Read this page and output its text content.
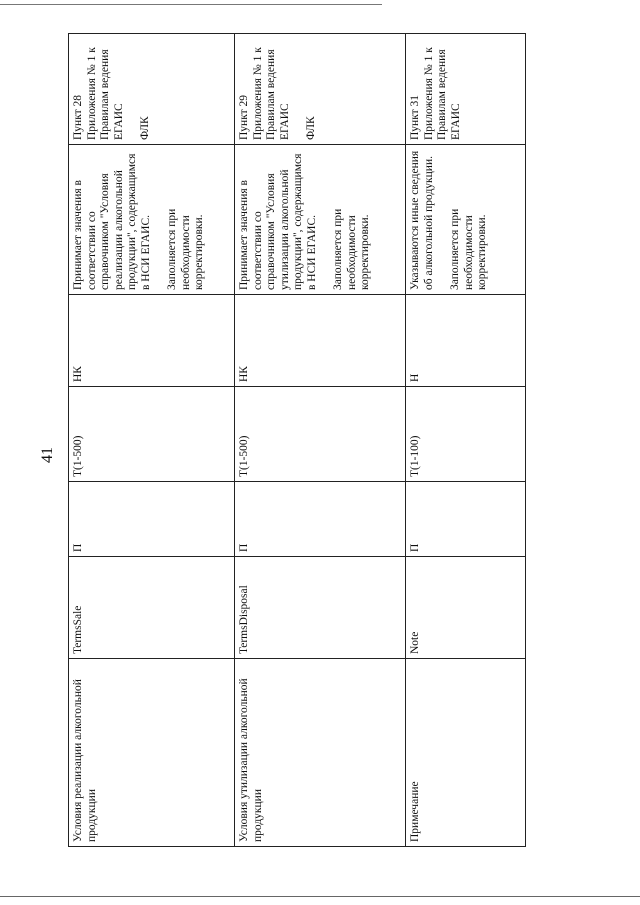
41
Условия реализации алкогольной продукции	TermsSale	П	T(1-500)	НК	Принимает значения в соответствии со справочником "Условия реализации алкогольной продукции", содержащимся в НСИ ЕГАИС. Заполняется при необходимости корректировки.	Пункт 28 Приложения № 1 к Правилам ведения ЕГАИС ФЛК

Условия утилизации алкогольной продукции	TermsDisposal	П	T(1-500)	НК	Принимает значения в соответствии со справочником "Условия утилизации алкогольной продукции", содержащимся в НСИ ЕГАИС. Заполняется при необходимости корректировки.	Пункт 29 Приложения № 1 к Правилам ведения ЕГАИС ФЛК

Примечание	Note	П	T(1-100)	Н	Указываются иные сведения об алкогольной продукции. Заполняется при необходимости корректировки.	Пункт 31 Приложения № 1 к Правилам ведения ЕГАИС
